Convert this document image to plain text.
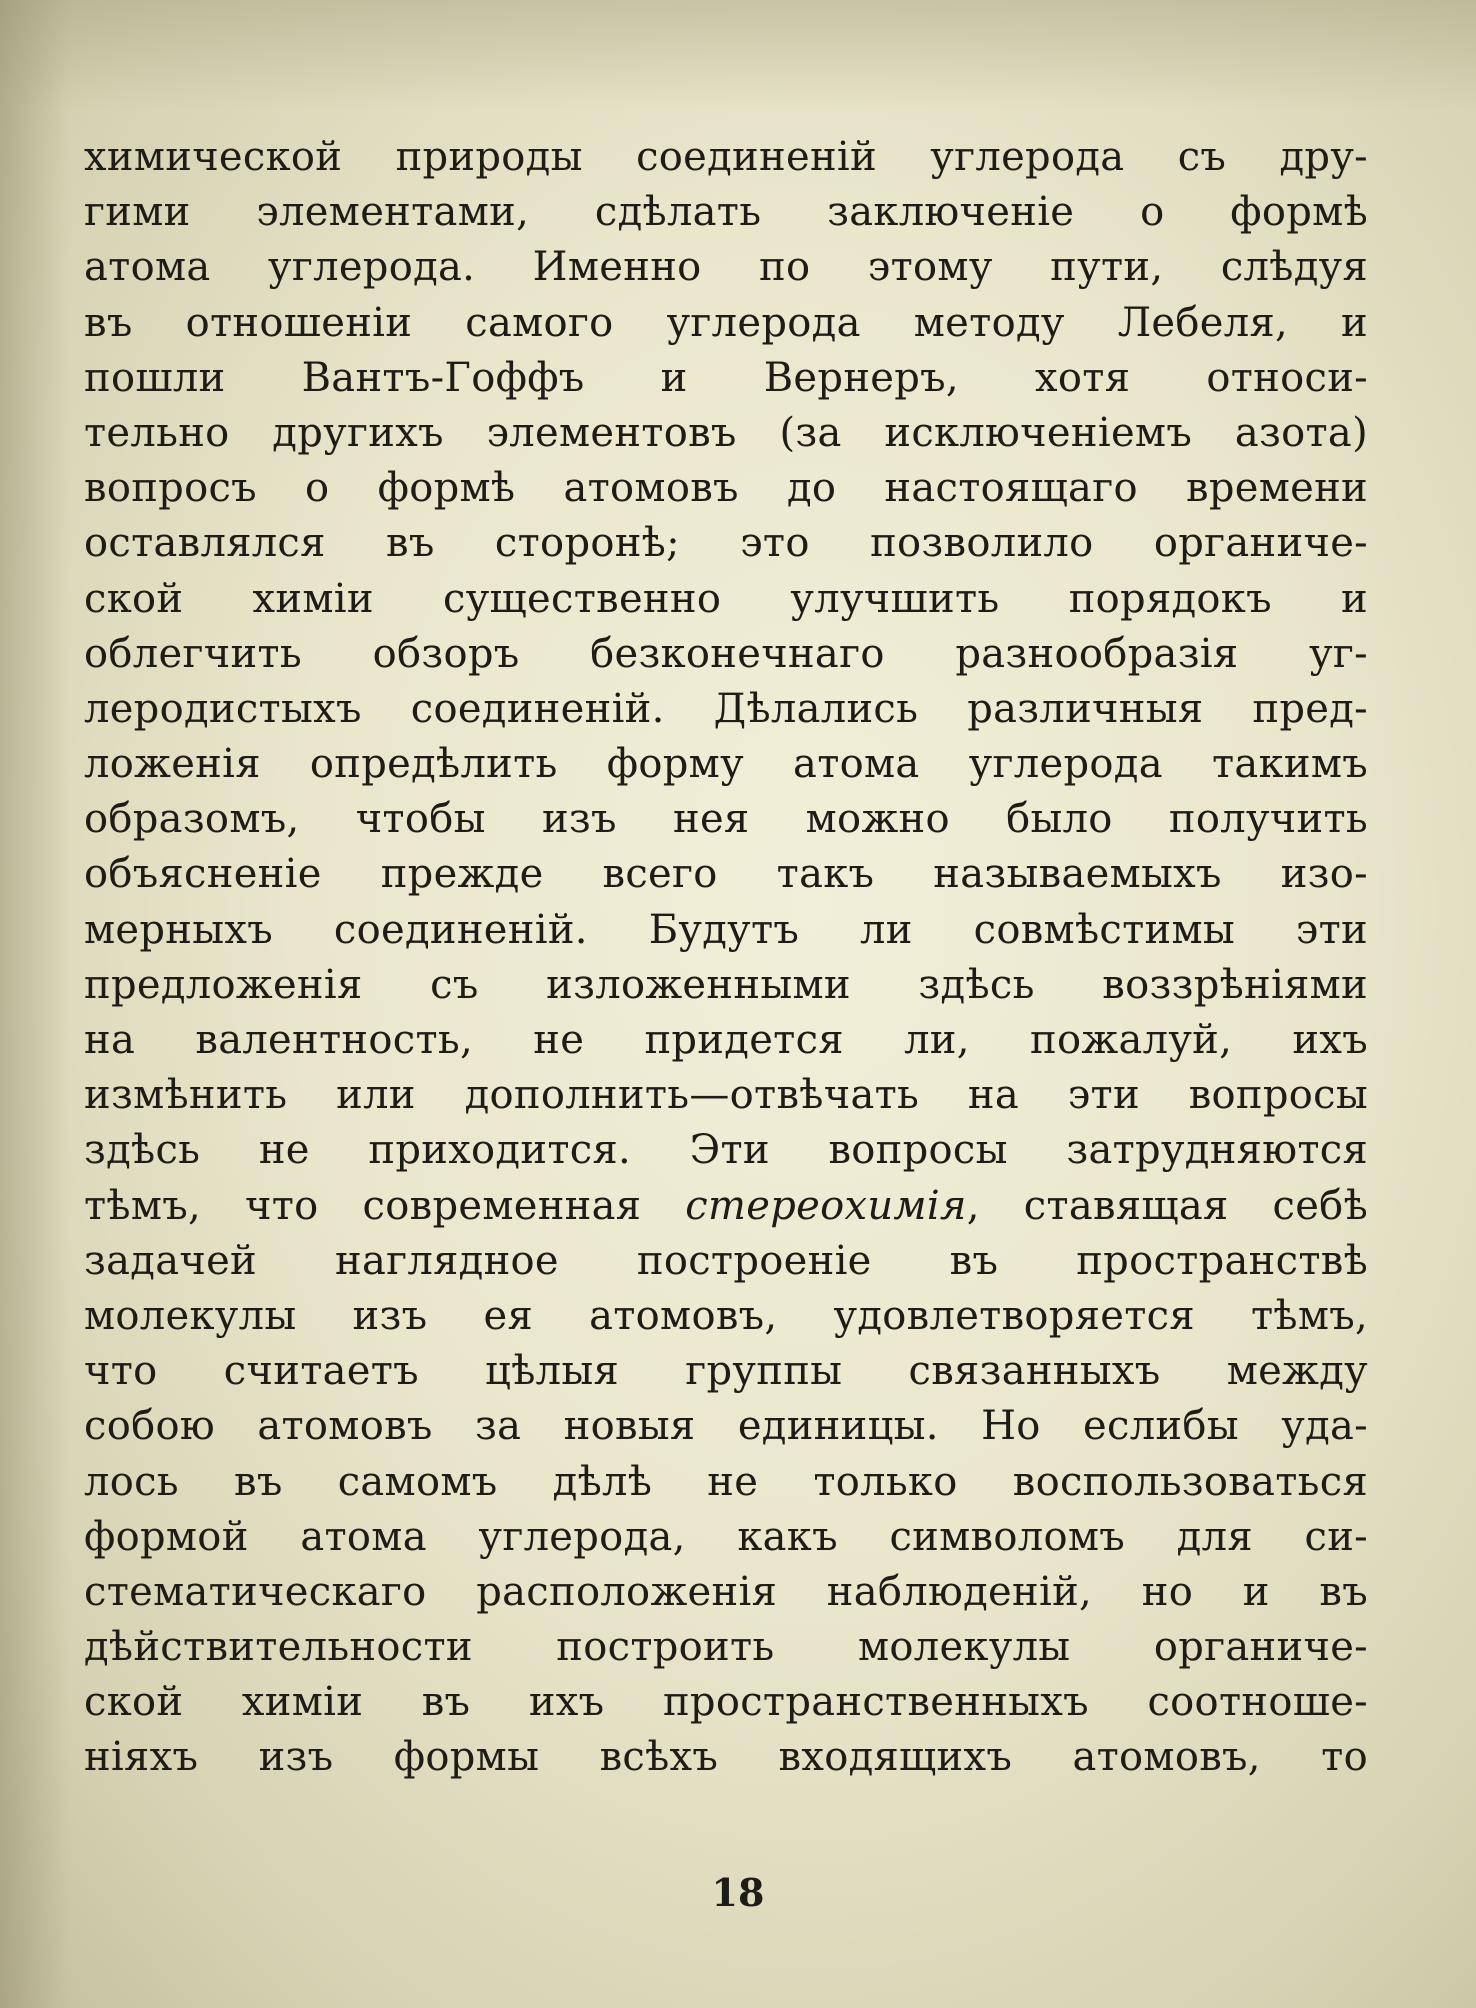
химической природы соединеній углерода съ дру-
гими элементами, сдѣлать заключеніе о формѣ
атома углерода. Именно по этому пути, слѣдуя
въ отношеніи самого углерода методу Лебеля, и
пошли Вантъ-Гоффъ и Вернеръ, хотя относи-
тельно другихъ элементовъ (за исключеніемъ азота)
вопросъ о формѣ атомовъ до настоящаго времени
оставлялся въ сторонѣ; это позволило органиче-
ской химіи существенно улучшить порядокъ и
облегчить обзоръ безконечнаго разнообразія уг-
леродистыхъ соединеній. Дѣлались различныя пред-
ложенія опредѣлить форму атома углерода такимъ
образомъ, чтобы изъ нея можно было получить
объясненіе прежде всего такъ называемыхъ изо-
мерныхъ соединеній. Будутъ ли совмѣстимы эти
предложенія съ изложенными здѣсь воззрѣніями
на валентность, не придется ли, пожалуй, ихъ
измѣнить или дополнить—отвѣчать на эти вопросы
здѣсь не приходится. Эти вопросы затрудняются
тѣмъ, что современная стереохимія, ставящая себѣ
задачей наглядное построеніе въ пространствѣ
молекулы изъ ея атомовъ, удовлетворяется тѣмъ,
что считаетъ цѣлыя группы связанныхъ между
собою атомовъ за новыя единицы. Но еслибы уда-
лось въ самомъ дѣлѣ не только воспользоваться
формой атома углерода, какъ символомъ для си-
стематическаго расположенія наблюденій, но и въ
дѣйствительности построить молекулы органиче-
ской химіи въ ихъ пространственныхъ соотноше-
ніяхъ изъ формы всѣхъ входящихъ атомовъ, то
18
